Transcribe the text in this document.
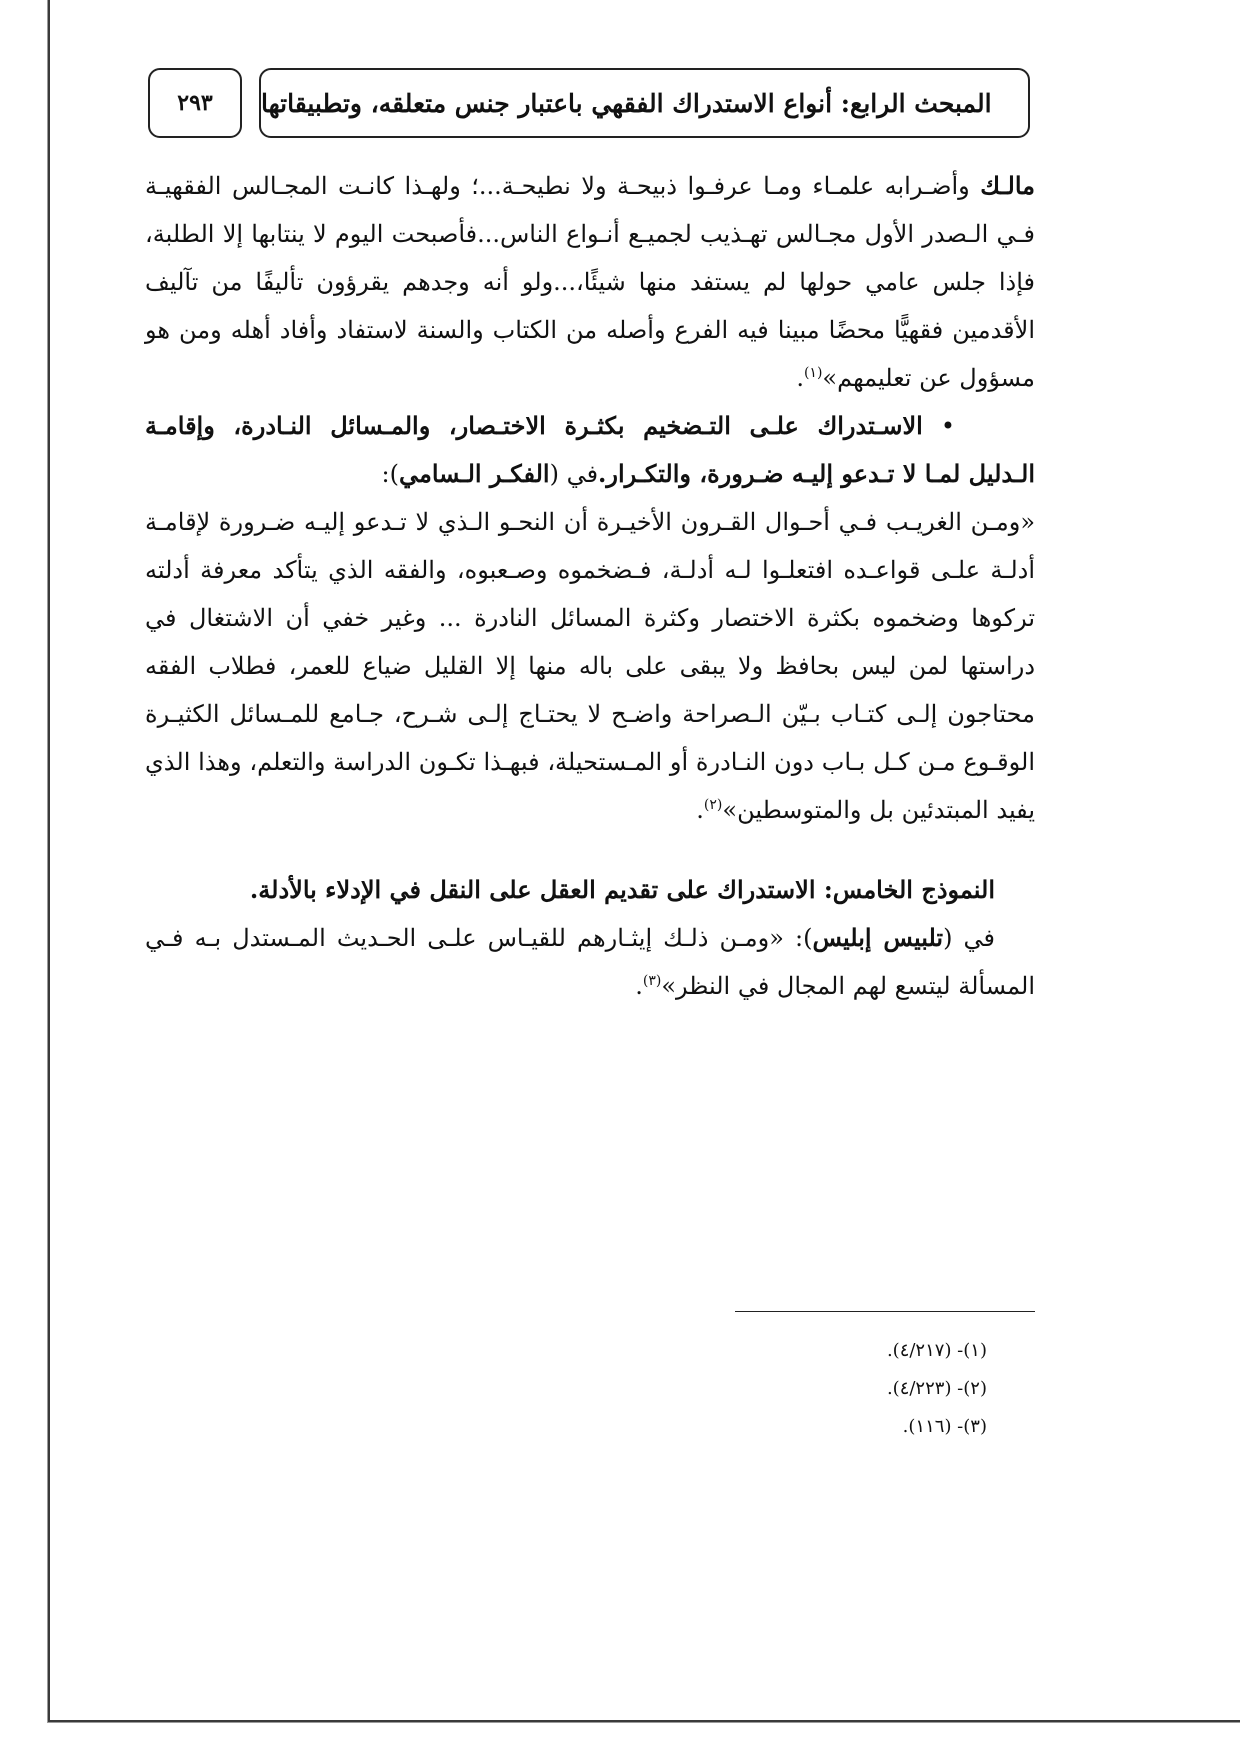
المبحث الرابع: أنواع الاستدراك الفقهي باعتبار جنس متعلقه، وتطبيقاتها
٢٩٣

مالـك وأضـرابه علمـاء ومـا عرفـوا ذبيحـة ولا نطيحـة...؛ ولهـذا كانـت المجـالس الفقهيـة فـي الـصدر الأول مجـالس تهـذيب لجميـع أنـواع الناس...فأصبحت اليوم لا ينتابها إلا الطلبة، فإذا جلس عامي حولها لم يستفد منها شيئًا،...ولو أنه وجدهم يقرؤون تأليفًا من تآليف الأقدمين فقهيًّا محضًا مبينا فيه الفرع وأصله من الكتاب والسنة لاستفاد وأفاد أهله ومن هو مسؤول عن تعليمهم»$^{(١)}$.

•الاسـتدراك علـى التـضخيم بكثـرة الاختـصار، والمـسائل النـادرة، وإقامـة الـدليل لمـا لا تـدعو إليـه ضـرورة، والتكـرار.في (الفكـر الـسامي):

«ومـن الغريـب فـي أحـوال القـرون الأخيـرة أن النحـو الـذي لا تـدعو إليـه ضـرورة لإقامـة أدلـة علـى قواعـده افتعلـوا لـه أدلـة، فـضخموه وصـعبوه، والفقه الذي يتأكد معرفة أدلته تركوها وضخموه بكثرة الاختصار وكثرة المسائل النادرة ... وغير خفي أن الاشتغال في دراستها لمن ليس بحافظ ولا يبقى على باله منها إلا القليل ضياع للعمر، فطلاب الفقه محتاجون إلـى كتـاب بـيّن الـصراحة واضـح لا يحتـاج إلـى شـرح، جـامع للمـسائل الكثيـرة الوقـوع مـن كـل بـاب دون النـادرة أو المـستحيلة، فبهـذا تكـون الدراسة والتعلم، وهذا الذي يفيد المبتدئين بل والمتوسطين»$^{(٢)}$.

النموذج الخامس: الاستدراك على تقديم العقل على النقل في الإدلاء بالأدلة.

في (تلبيس إبليس): «ومـن ذلـك إيثـارهم للقيـاس علـى الحـديث المـستدل بـه فـي المسألة ليتسع لهم المجال في النظر»$^{(٣)}$.

(١)- (٤/٢١٧).
(٢)- (٤/٢٢٣).
(٣)- (١١٦).
